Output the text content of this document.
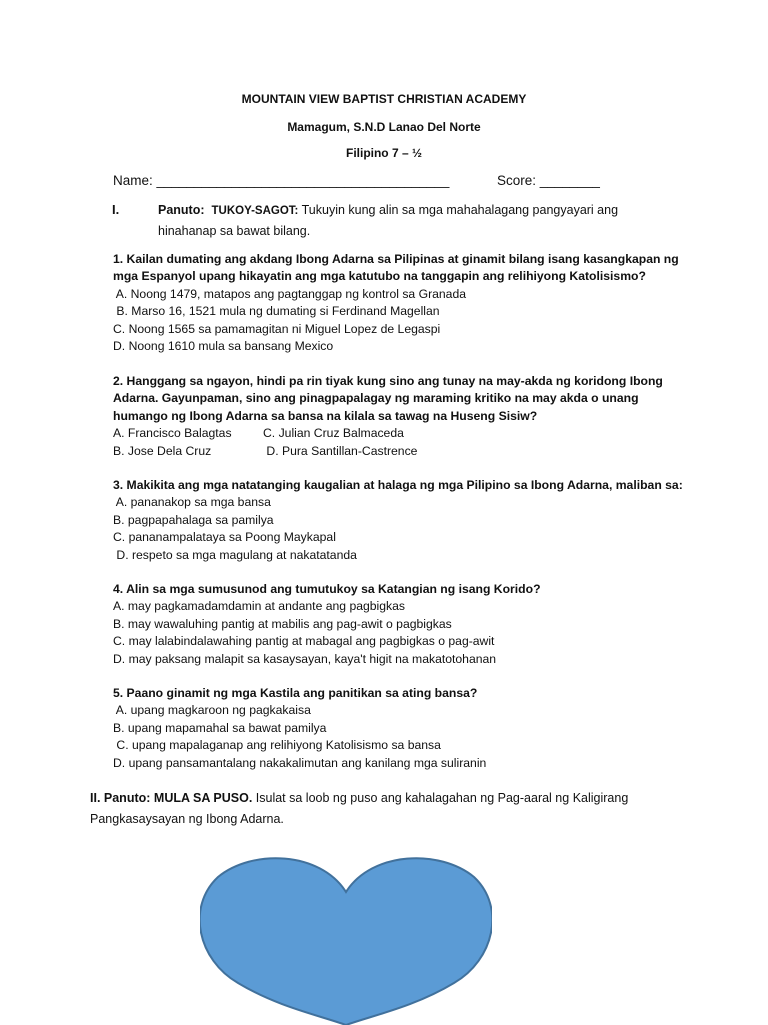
MOUNTAIN VIEW BAPTIST CHRISTIAN ACADEMY
Mamagum, S.N.D Lanao Del Norte
Filipino 7 – ½
Name: _______________________________________	Score: ________
I.	Panuto: TUKOY-SAGOT: Tukuyin kung alin sa mga mahahalagang pangyayari ang hinahanap sa bawat bilang.
1. Kailan dumating ang akdang Ibong Adarna sa Pilipinas at ginamit bilang isang kasangkapan ng mga Espanyol upang hikayatin ang mga katutubo na tanggapin ang relihiyong Katolisismo?
A. Noong 1479, matapos ang pagtanggap ng kontrol sa Granada
B. Marso 16, 1521 mula ng dumating si Ferdinand Magellan
C. Noong 1565 sa pamamagitan ni Miguel Lopez de Legaspi
D. Noong 1610 mula sa bansang Mexico
2. Hanggang sa ngayon, hindi pa rin tiyak kung sino ang tunay na may-akda ng koridong Ibong Adarna. Gayunpaman, sino ang pinagpapalagay ng maraming kritiko na may akda o unang humango ng Ibong Adarna sa bansa na kilala sa tawag na Huseng Sisiw?
A. Francisco Balagtas	C. Julian Cruz Balmaceda
B. Jose Dela Cruz	D. Pura Santillan-Castrence
3. Makikita ang mga natatanging kaugalian at halaga ng mga Pilipino sa Ibong Adarna, maliban sa:
A. pananakop sa mga bansa
B. pagpapahalaga sa pamilya
C. pananampalataya sa Poong Maykapal
D. respeto sa mga magulang at nakatatanda
4. Alin sa mga sumusunod ang tumutukoy sa Katangian ng isang Korido?
A. may pagkamadamdamin at andante ang pagbigkas
B. may wawaluhing pantig at mabilis ang pag-awit o pagbigkas
C. may lalabindalawahing pantig at mabagal ang pagbigkas o pag-awit
D. may paksang malapit sa kasaysayan, kaya't higit na makatotohanan
5. Paano ginamit ng mga Kastila ang panitikan sa ating bansa?
A. upang magkaroon ng pagkakaisa
B. upang mapamahal sa bawat pamilya
C. upang mapalaganap ang relihiyong Katolisismo sa bansa
D. upang pansamantalang nakakalimutan ang kanilang mga suliranin
II. Panuto: MULA SA PUSO. Isulat sa loob ng puso ang kahalagahan ng Pag-aaral ng Kaligirang Pangkasaysayan ng Ibong Adarna.
